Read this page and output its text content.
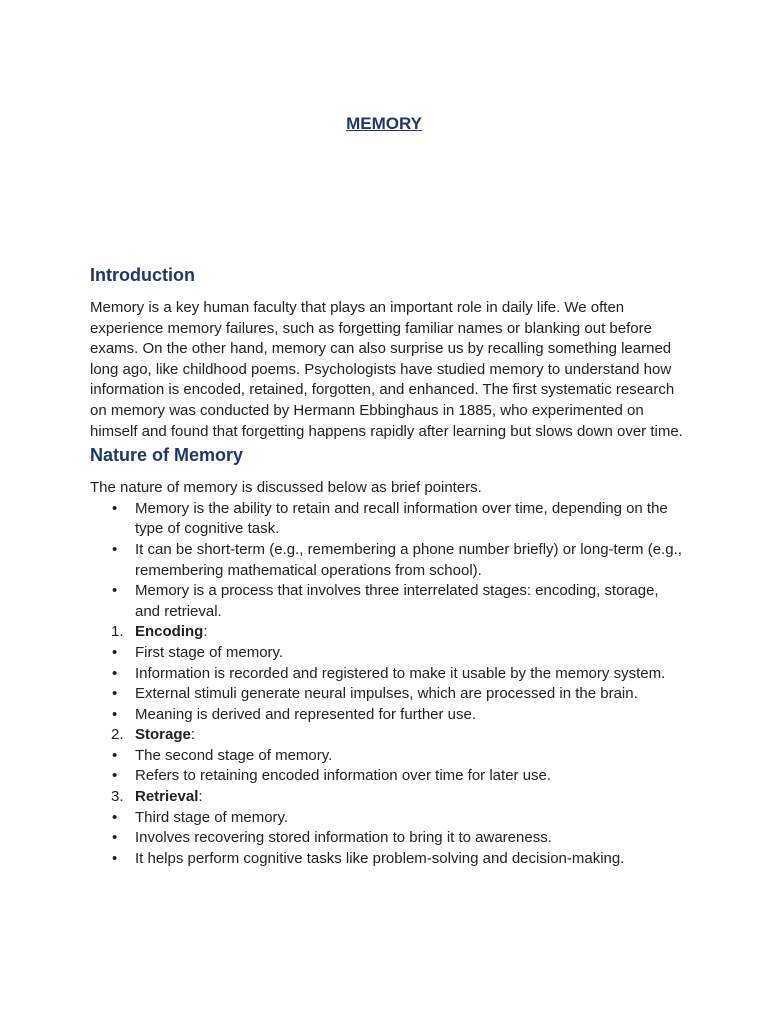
MEMORY
Introduction

Memory is a key human faculty that plays an important role in daily life. We often experience memory failures, such as forgetting familiar names or blanking out before exams. On the other hand, memory can also surprise us by recalling something learned long ago, like childhood poems. Psychologists have studied memory to understand how information is encoded, retained, forgotten, and enhanced. The first systematic research on memory was conducted by Hermann Ebbinghaus in 1885, who experimented on himself and found that forgetting happens rapidly after learning but slows down over time.

Nature of Memory

The nature of memory is discussed below as brief pointers.

•	Memory is the ability to retain and recall information over time, depending on the type of cognitive task.
•	It can be short-term (e.g., remembering a phone number briefly) or long-term (e.g., remembering mathematical operations from school).
•	Memory is a process that involves three interrelated stages: encoding, storage, and retrieval.
1. Encoding:
•	First stage of memory.
•	Information is recorded and registered to make it usable by the memory system.
•	External stimuli generate neural impulses, which are processed in the brain.
•	Meaning is derived and represented for further use.
2. Storage:
•	The second stage of memory.
•	Refers to retaining encoded information over time for later use.
3. Retrieval:
•	Third stage of memory.
•	Involves recovering stored information to bring it to awareness.
•	It helps perform cognitive tasks like problem-solving and decision-making.
